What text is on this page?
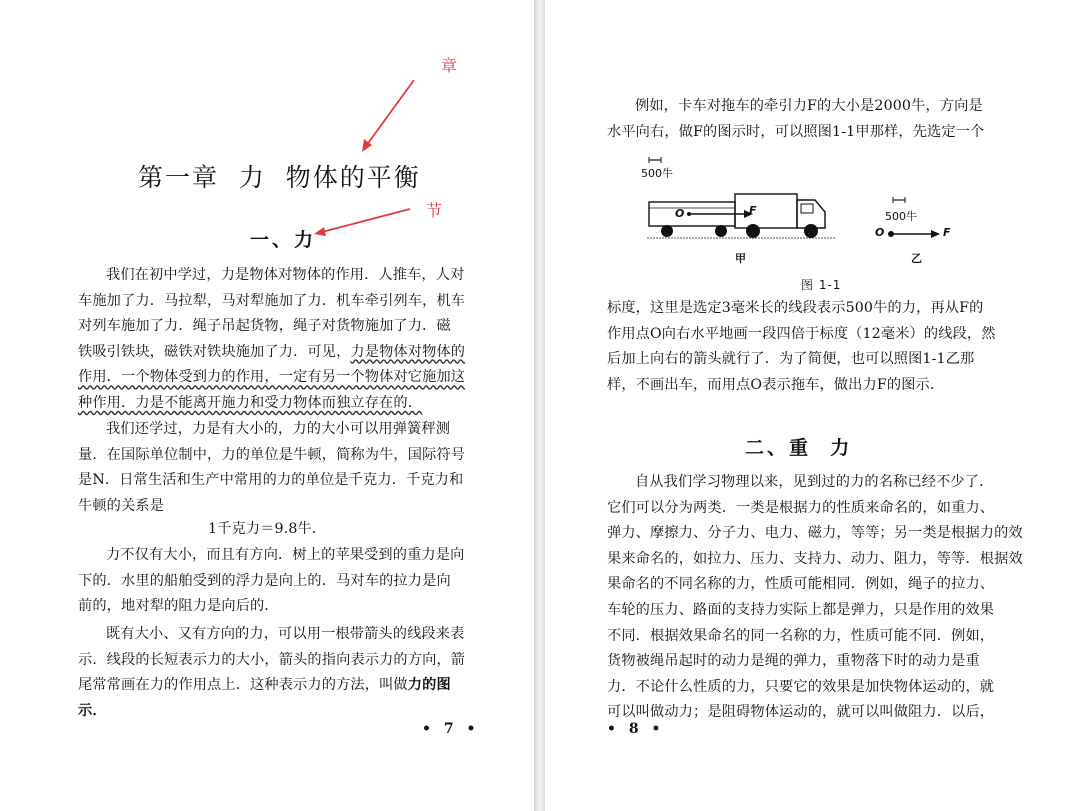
章
节
第一章  力  物体的平衡
一、力
我们在初中学过，力是物体对物体的作用．人推车，人对
车施加了力．马拉犁，马对犁施加了力．机车牵引列车，机车
对列车施加了力．绳子吊起货物，绳子对货物施加了力．磁
铁吸引铁块，磁铁对铁块施加了力．可见，力是物体对物体的
作用．一个物体受到力的作用，一定有另一个物体对它施加这
种作用．力是不能离开施力和受力物体而独立存在的．
我们还学过，力是有大小的，力的大小可以用弹簧秤测
量．在国际单位制中，力的单位是牛顿，简称为牛，国际符号
是N．日常生活和生产中常用的力的单位是千克力．千克力和
牛顿的关系是
1千克力＝9.8牛．
力不仅有大小，而且有方向．树上的苹果受到的重力是向
下的．水里的船舶受到的浮力是向上的．马对车的拉力是向
前的，地对犁的阻力是向后的．
既有大小、又有方向的力，可以用一根带箭头的线段来表
示．线段的长短表示力的大小，箭头的指向表示力的方向，箭
尾常常画在力的作用点上．这种表示力的方法，叫做力的图
示．
• 7 •
例如，卡车对拖车的牵引力F的大小是2000牛，方向是
水平向右，做F的图示时，可以照图1-1甲那样，先选定一个
500牛
O	F	500牛
O	F
甲	乙
图 1-1
标度，这里是选定3毫米长的线段表示500牛的力，再从F的
作用点O向右水平地画一段四倍于标度（12毫米）的线段，然
后加上向右的箭头就行了．为了简便，也可以照图1-1乙那
样，不画出车，而用点O表示拖车，做出力F的图示．
二、重  力
自从我们学习物理以来，见到过的力的名称已经不少了．
它们可以分为两类．一类是根据力的性质来命名的，如重力、
弹力、摩擦力、分子力、电力、磁力，等等；另一类是根据力的效
果来命名的，如拉力、压力、支持力、动力、阻力，等等．根据效
果命名的不同名称的力，性质可能相同．例如，绳子的拉力、
车轮的压力、路面的支持力实际上都是弹力，只是作用的效果
不同．根据效果命名的同一名称的力，性质可能不同．例如，
货物被绳吊起时的动力是绳的弹力，重物落下时的动力是重
力．不论什么性质的力，只要它的效果是加快物体运动的，就
可以叫做动力；是阻碍物体运动的，就可以叫做阻力．以后，
• 8 •
